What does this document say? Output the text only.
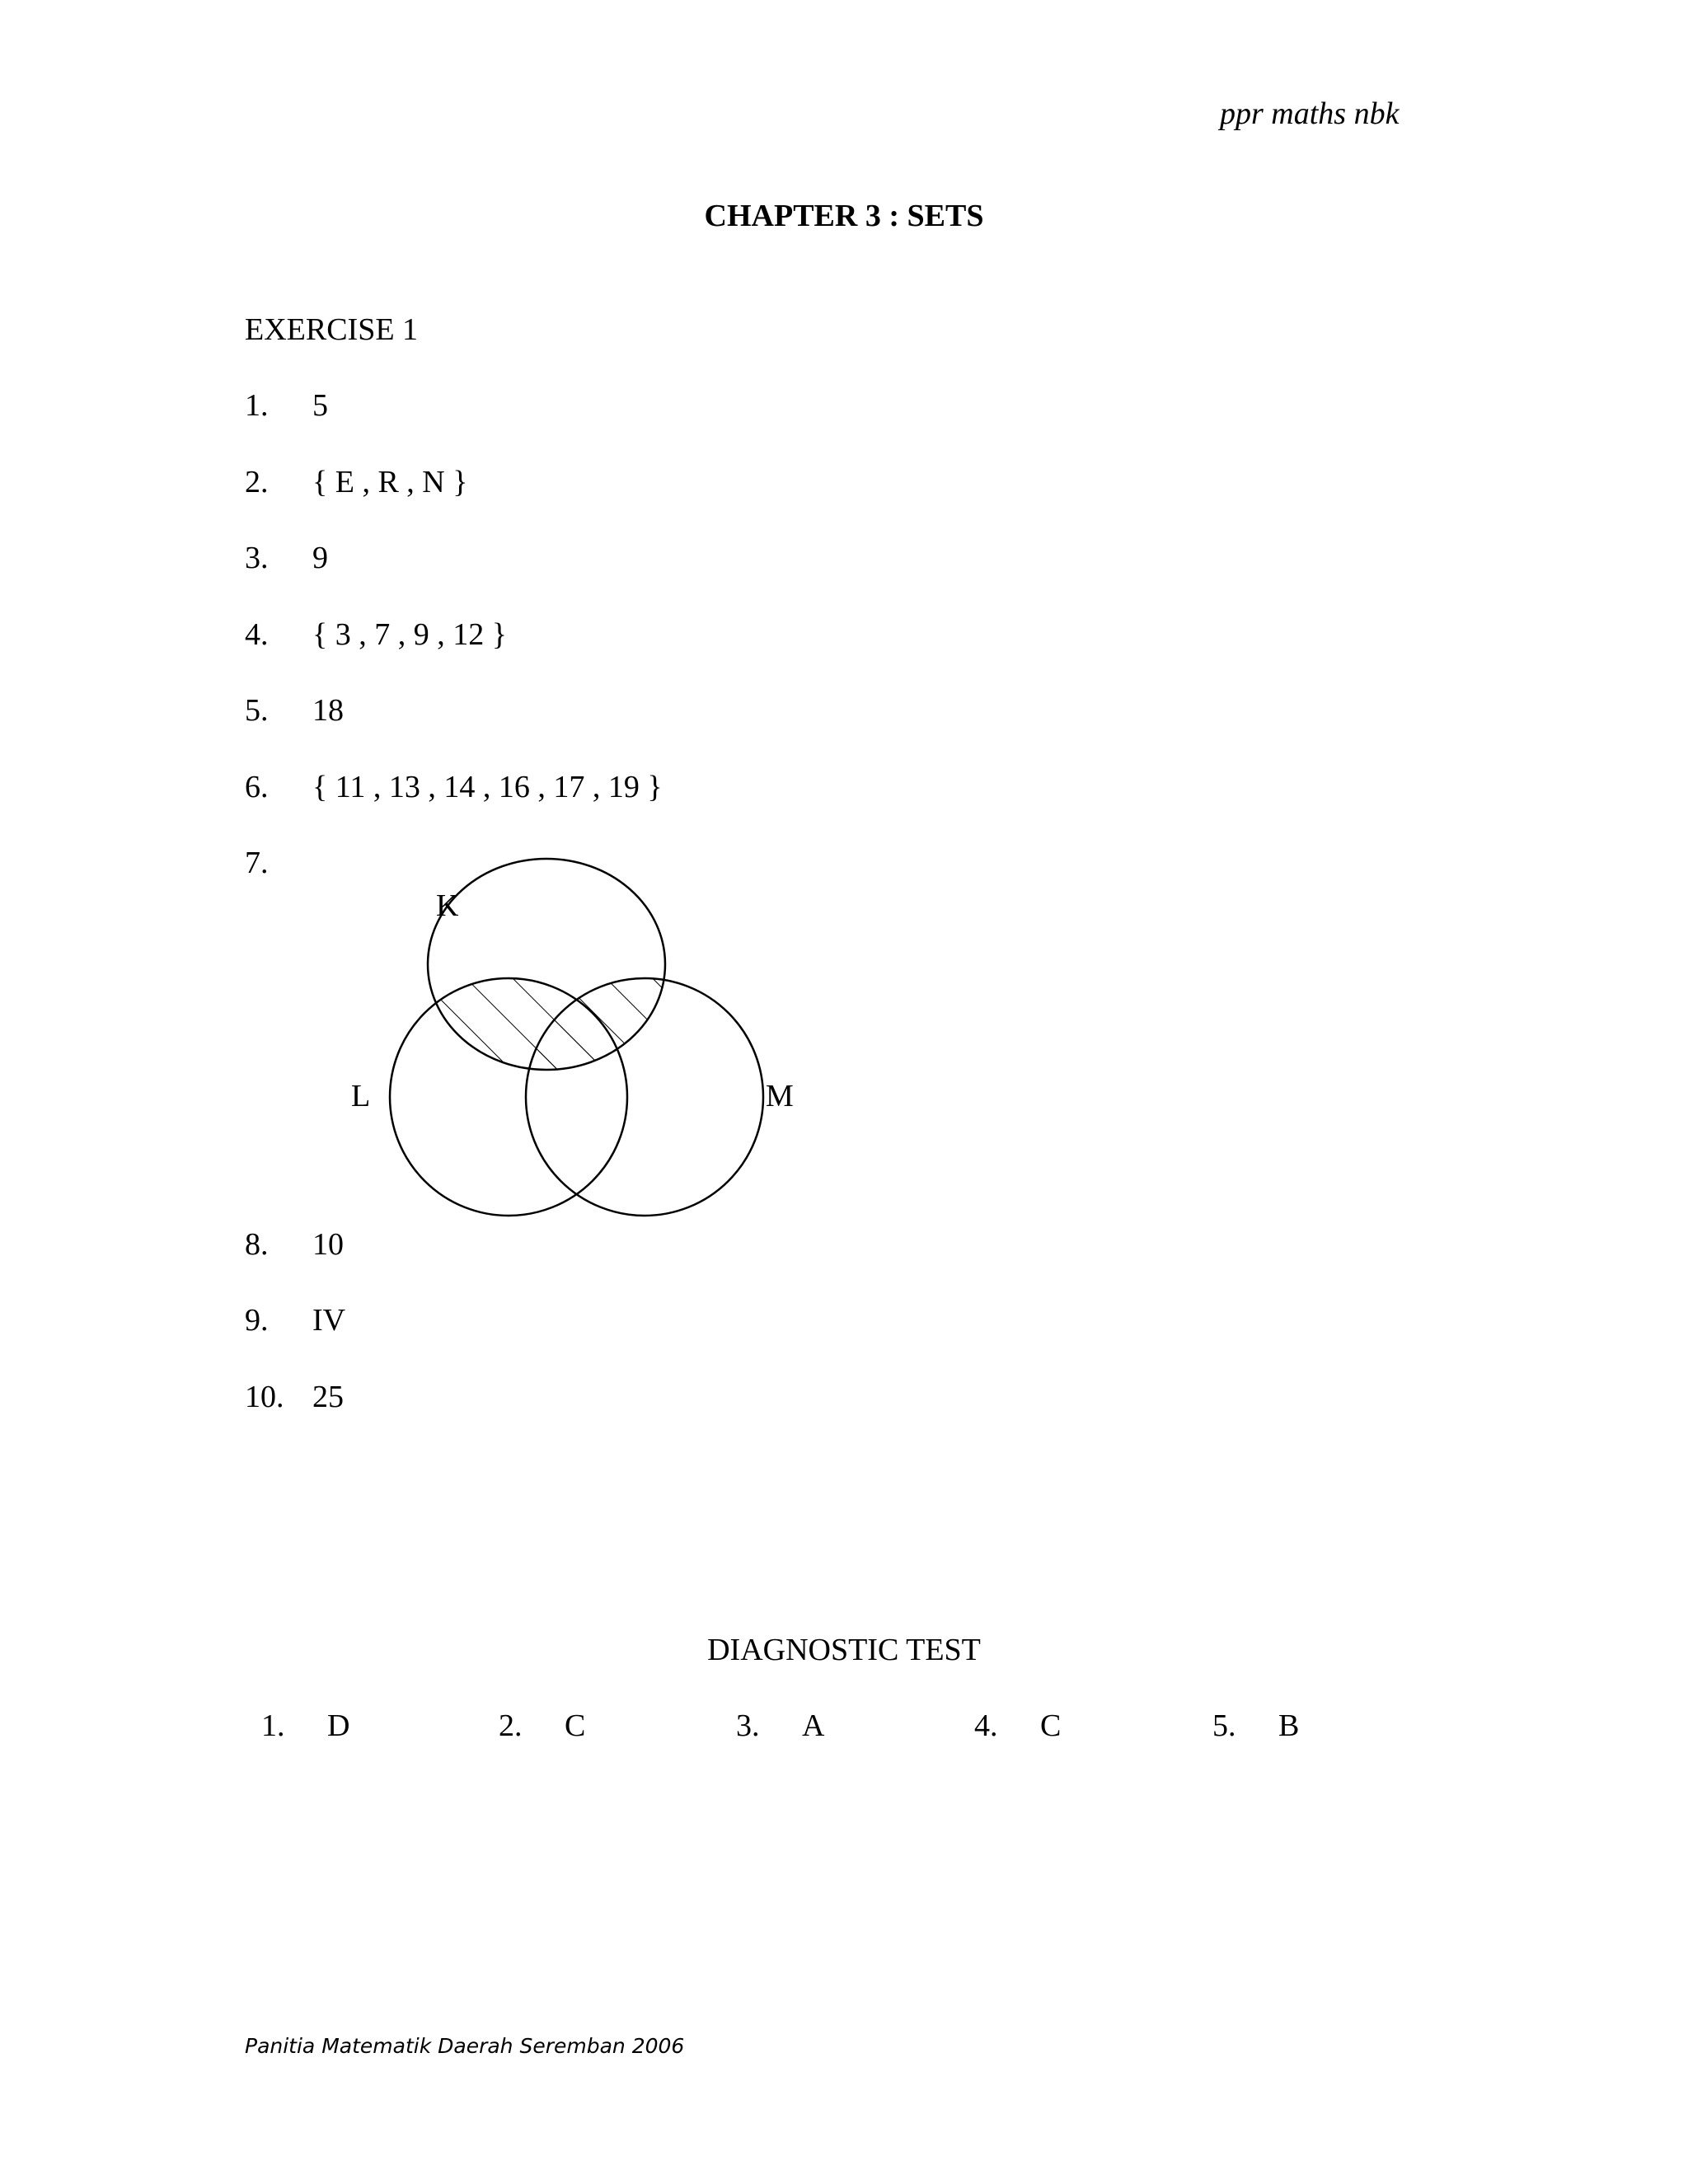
ppr maths nbk
CHAPTER 3 : SETS
EXERCISE 1
1. 5
2. { E , R , N }
3. 9
4. { 3 , 7 , 9 , 12 }
5. 18
6. { 11 , 13 , 14 , 16 , 17 , 19 }
7.
K
L	M
8. 10
9. IV
10. 25
DIAGNOSTIC TEST
1. D	2. C	3. A	4. C	5. B
Panitia Matematik Daerah Seremban 2006
